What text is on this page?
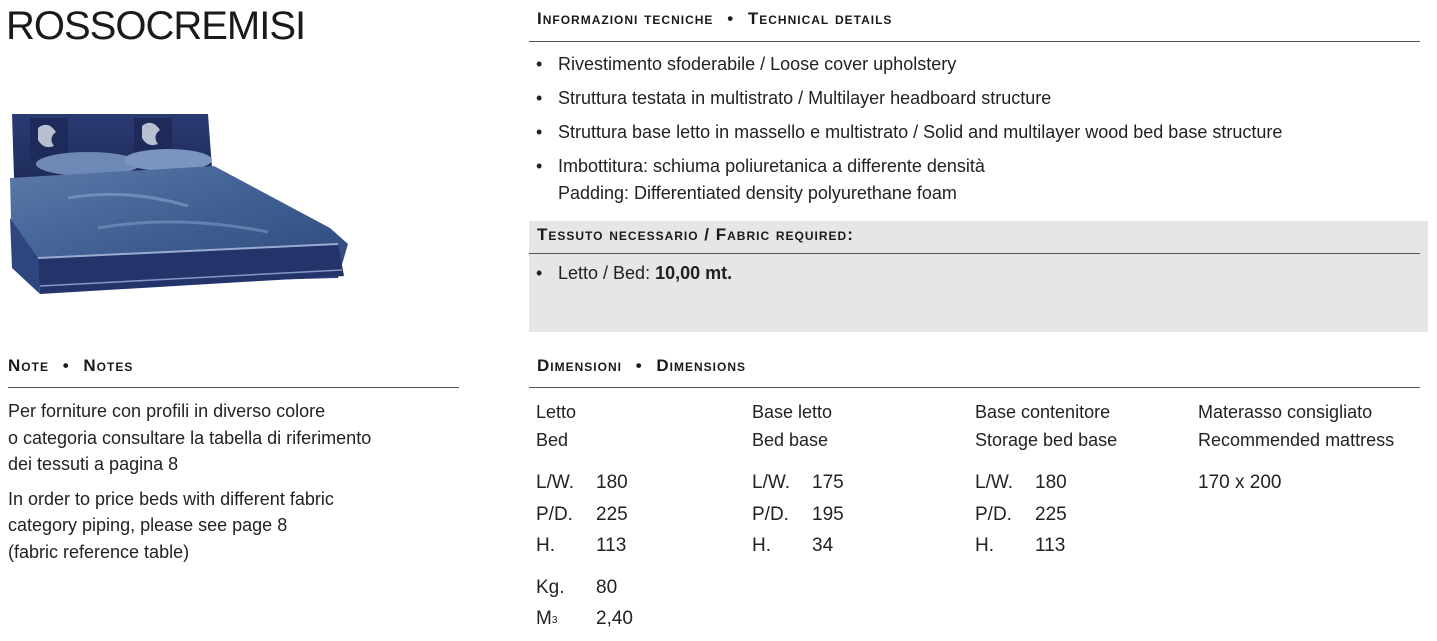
ROSSOCREMISI
Note • Notes
Per forniture con profili in diverso colore
o categoria consultare la tabella di riferimento
dei tessuti a pagina 8
In order to price beds with different fabric
category piping, please see page 8
(fabric reference table)
Informazioni tecniche • Technical details
• Rivestimento sfoderabile / Loose cover upholstery
• Struttura testata in multistrato / Multilayer headboard structure
• Struttura base letto in massello e multistrato / Solid and multilayer wood bed base structure
• Imbottitura: schiuma poliuretanica a differente densità
Padding: Differentiated density polyurethane foam
Tessuto necessario / Fabric required:
• Letto / Bed: 10,00 mt.
Dimensioni • Dimensions
Letto
Bed
L/W. 180
P/D. 225
H. 113
Kg. 80
$M^3$ 2,40
Base letto
Bed base
L/W. 175
P/D. 195
H. 34
Base contenitore
Storage bed base
L/W. 180
P/D. 225
H. 113
Materasso consigliato
Recommended mattress
170 x 200
